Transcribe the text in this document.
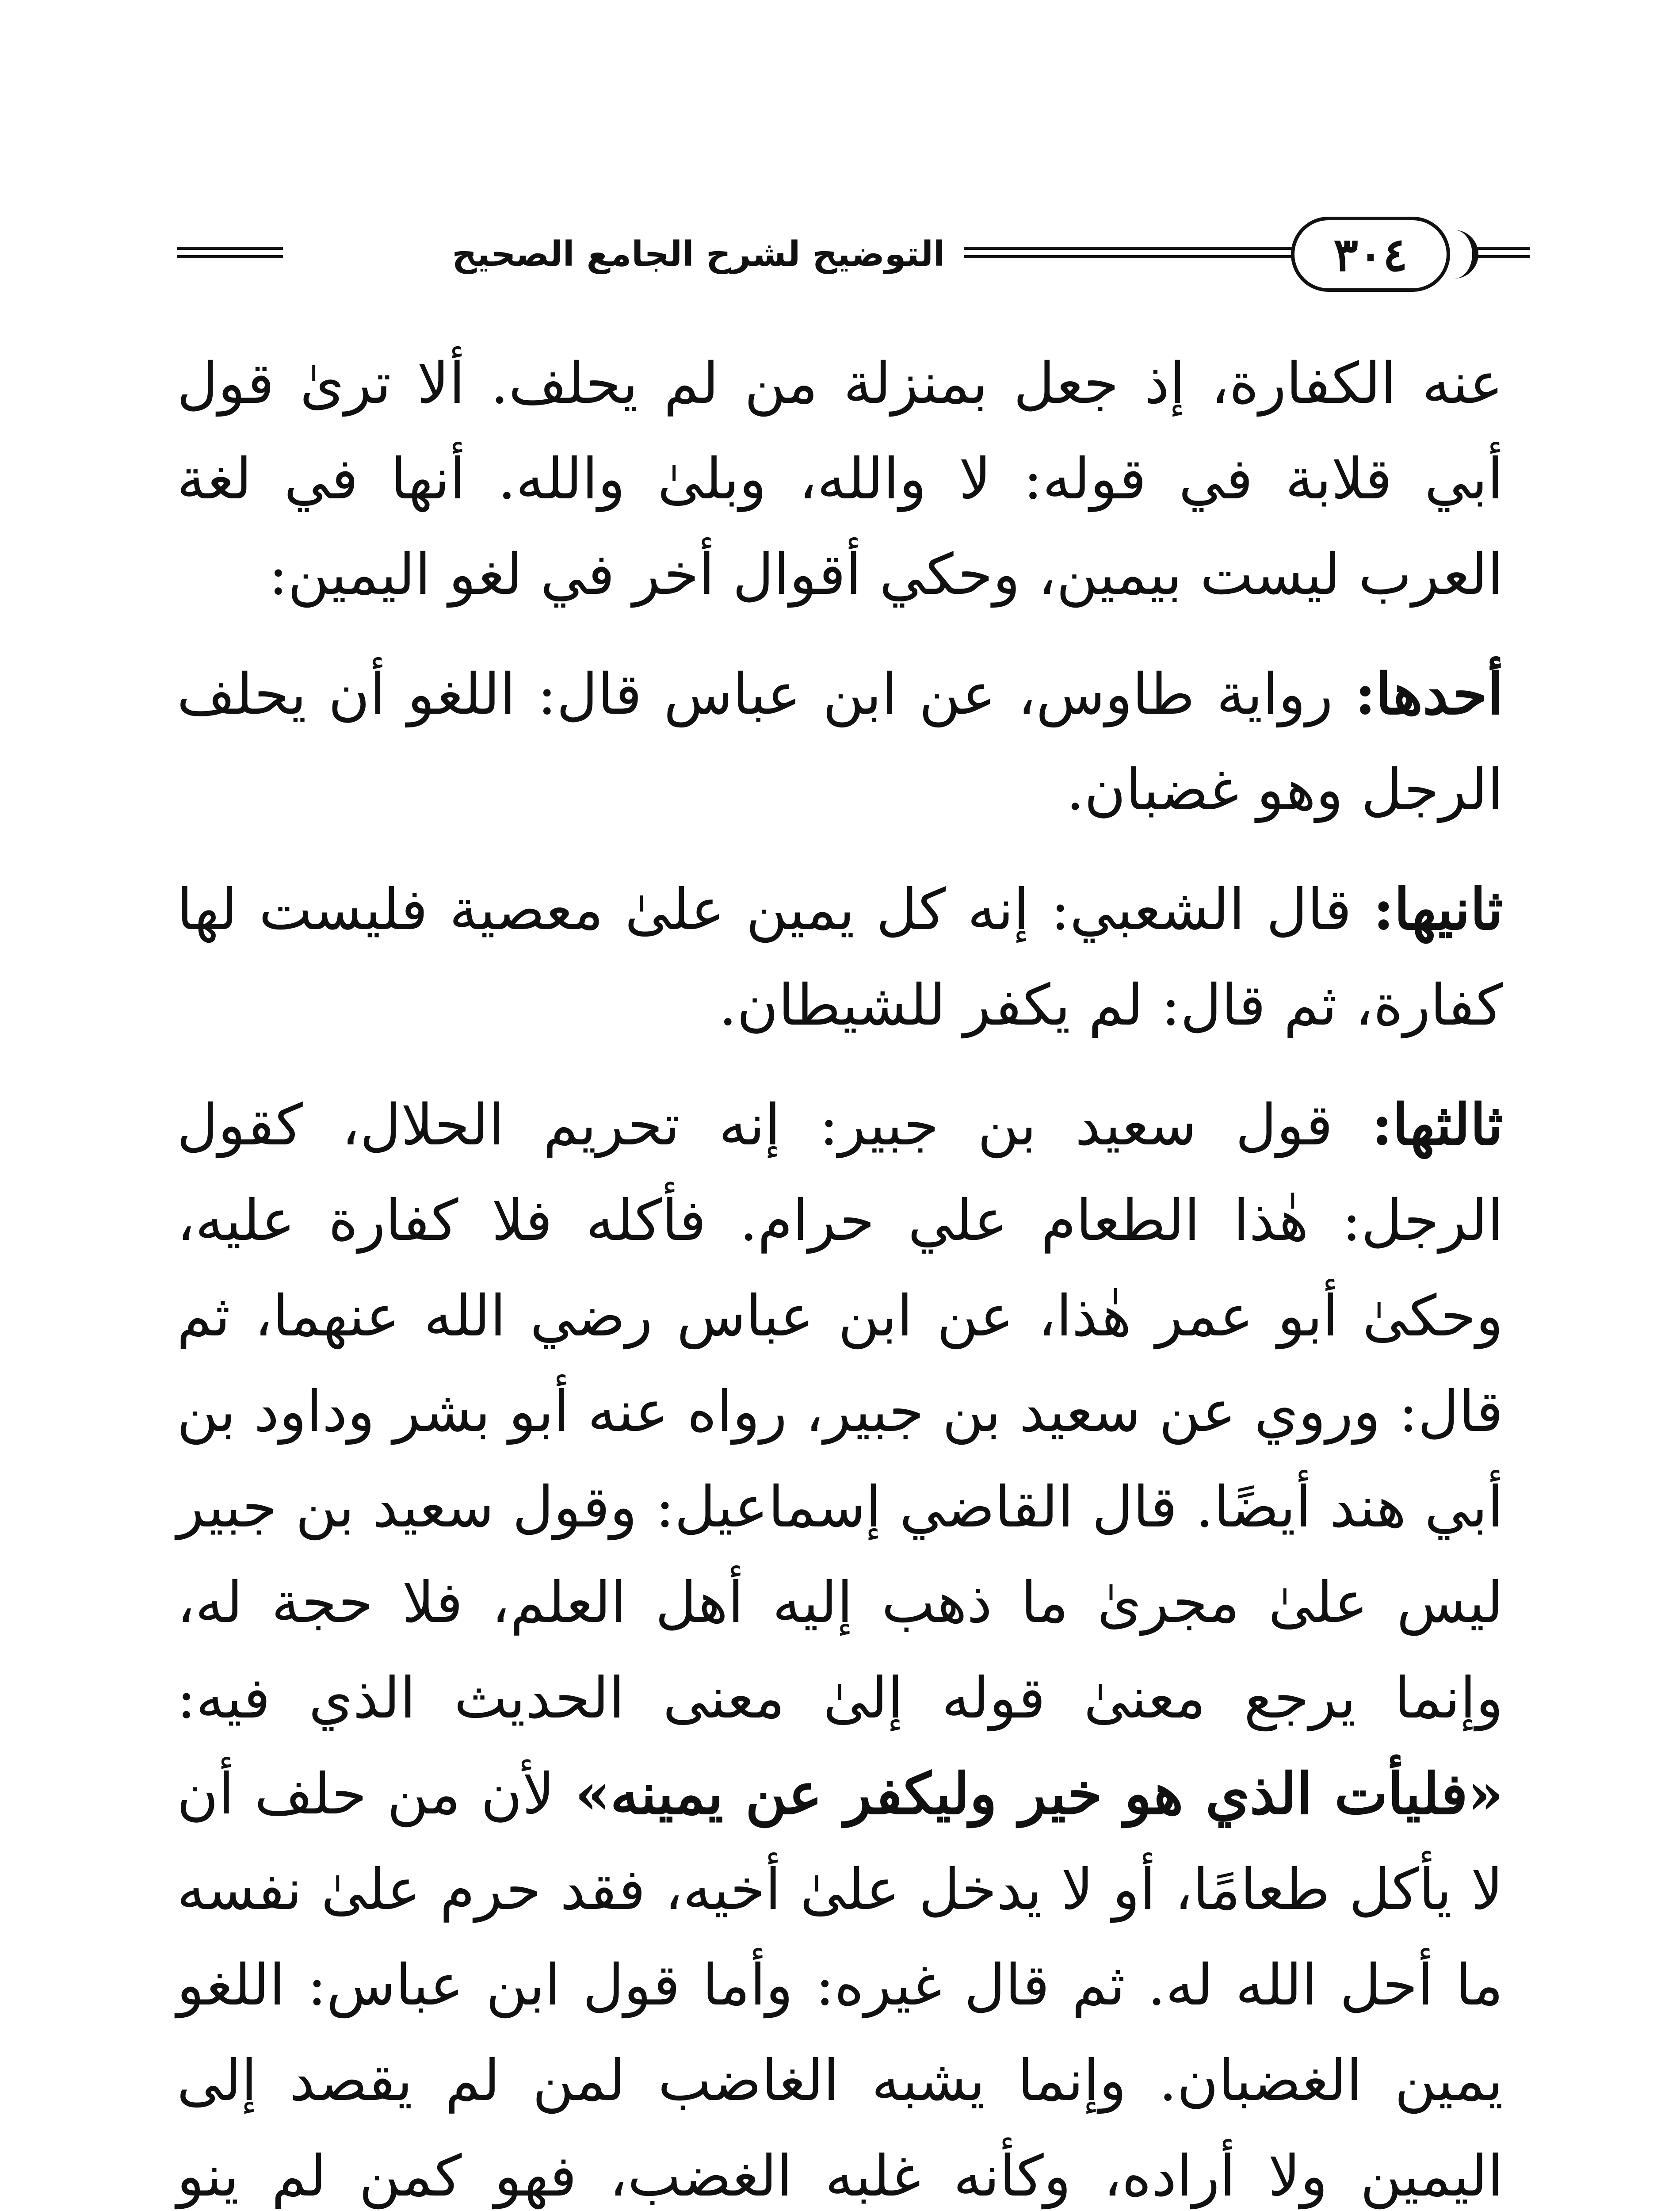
التوضيح لشرح الجامع الصحيح	٣٠٤

عنه الكفارة، إذ جعل بمنزلة من لم يحلف. ألا ترىٰ قول أبي قلابة في قوله: لا والله، وبلىٰ والله. أنها في لغة العرب ليست بيمين، وحكي أقوال أخر في لغو اليمين:

أحدها: رواية طاوس، عن ابن عباس قال: اللغو أن يحلف الرجل وهو غضبان.

ثانيها: قال الشعبي: إنه كل يمين علىٰ معصية فليست لها كفارة، ثم قال: لم يكفر للشيطان.

ثالثها: قول سعيد بن جبير: إنه تحريم الحلال، كقول الرجل: هٰذا الطعام علي حرام. فأكله فلا كفارة عليه، وحكىٰ أبو عمر هٰذا، عن ابن عباس رضي الله عنهما، ثم قال: وروي عن سعيد بن جبير، رواه عنه أبو بشر وداود بن أبي هند أيضًا. قال القاضي إسماعيل: وقول سعيد بن جبير ليس علىٰ مجرىٰ ما ذهب إليه أهل العلم، فلا حجة له، وإنما يرجع معنىٰ قوله إلىٰ معنى الحديث الذي فيه: «فليأت الذي هو خير وليكفر عن يمينه» لأن من حلف أن لا يأكل طعامًا، أو لا يدخل علىٰ أخيه، فقد حرم علىٰ نفسه ما أحل الله له. ثم قال غيره: وأما قول ابن عباس: اللغو يمين الغضبان. وإنما يشبه الغاضب لمن لم يقصد إلى اليمين ولا أراده، وكأنه غلبه الغضب، فهو كمن لم ينو
